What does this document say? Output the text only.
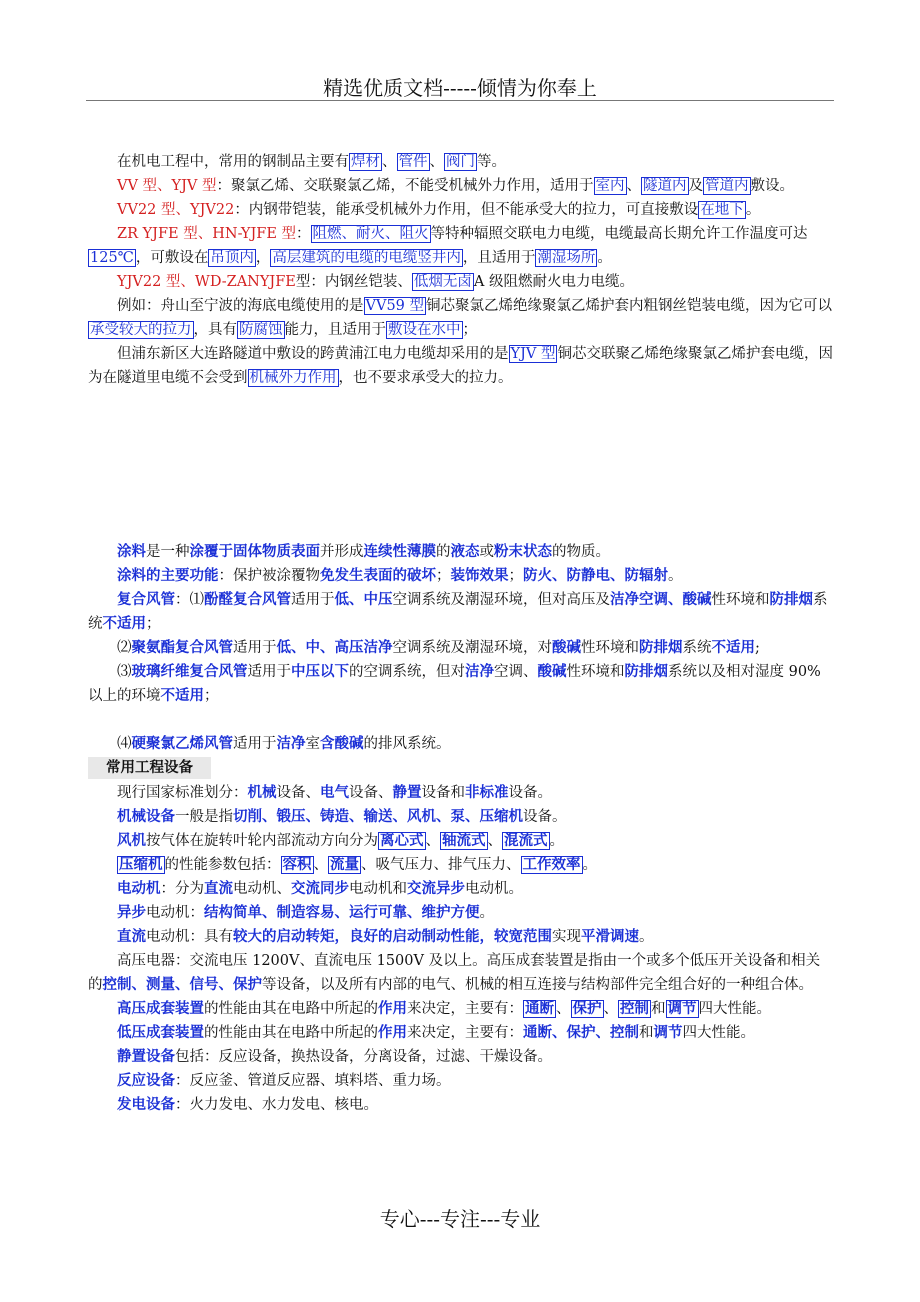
精选优质文档-----倾情为你奉上

在机电工程中，常用的钢制品主要有 焊材 、 管件 、 阀门 等。

VV 型、YJV 型：聚氯乙烯、交联聚氯乙烯，不能受机械外力作用，适用于 室内 、 隧道内 及 管道内 敷设。

VV22 型、YJV22：内钢带铠装，能承受机械外力作用，但不能承受大的拉力，可直接敷设 在地下 。

ZR YJFE 型、HN-YJFE 型： 阻燃、耐火、阻火 等特种辐照交联电力电缆，电缆最高长期允许工作温度可达125℃ ，可敷设在 吊顶内 ， 高层建筑的电缆的电缆竖井内 ，且适用于 潮湿场所 。

YJV22 型、WD-ZANYJFE型：内钢丝铠装、 低烟无卤 A 级阻燃耐火电力电缆。

例如：舟山至宁波的海底电缆使用的是 VV59 型 铜芯聚氯乙烯绝缘聚氯乙烯护套内粗钢丝铠装电缆，因为它可以承受较大的拉力 ，具有 防腐蚀 能力，且适用于 敷设在水中 ；

但浦东新区大连路隧道中敷设的跨黄浦江电力电缆却采用的是 YJV 型 铜芯交联聚乙烯绝缘聚氯乙烯护套电缆，因为在隧道里电缆不会受到 机械外力作用 ，也不要求承受大的拉力。

涂料是一种涂覆于固体物质表面并形成连续性薄膜的液态或粉末状态的物质。

涂料的主要功能：保护被涂覆物免发生表面的破坏；装饰效果；防火、防静电、防辐射。

复合风管：⑴酚醛复合风管适用于低、中压空调系统及潮湿环境，但对高压及洁净空调、酸碱性环境和防排烟系统不适用；

⑵聚氨酯复合风管适用于低、中、高压洁净空调系统及潮湿环境，对酸碱性环境和防排烟系统不适用;

⑶玻璃纤维复合风管适用于中压以下的空调系统，但对洁净空调、酸碱性环境和防排烟系统以及相对湿度 90%以上的环境不适用；

⑷硬聚氯乙烯风管适用于洁净室含酸碱的排风系统。

常用工程设备

现行国家标准划分：机械设备、电气设备、静置设备和非标准设备。

机械设备一般是指切削、锻压、铸造、输送、风机、泵、压缩机设备。

风机按气体在旋转叶轮内部流动方向分为 离心式 、 轴流式 、 混流式 。

压缩机 的性能参数包括： 容积 、 流量 、吸气压力、排气压力、 工作效率 。

电动机：分为直流电动机、交流同步电动机和交流异步电动机。

异步电动机：结构简单、制造容易、运行可靠、维护方便。

直流电动机：具有较大的启动转矩，良好的启动制动性能，较宽范围实现平滑调速。

高压电器：交流电压 1200V、直流电压 1500V 及以上。高压成套装置是指由一个或多个低压开关设备和相关的控制、测量、信号、保护等设备，以及所有内部的电气、机械的相互连接与结构部件完全组合好的一种组合体。

高压成套装置的性能由其在电路中所起的作用来决定，主要有： 通断 、 保护 、 控制 和 调节 四大性能。

低压成套装置的性能由其在电路中所起的作用来决定，主要有：通断、保护、控制和调节四大性能。

静置设备包括：反应设备，换热设备，分离设备，过滤、干燥设备。

反应设备：反应釜、管道反应器、填料塔、重力场。

发电设备：火力发电、水力发电、核电。

专心---专注---专业
